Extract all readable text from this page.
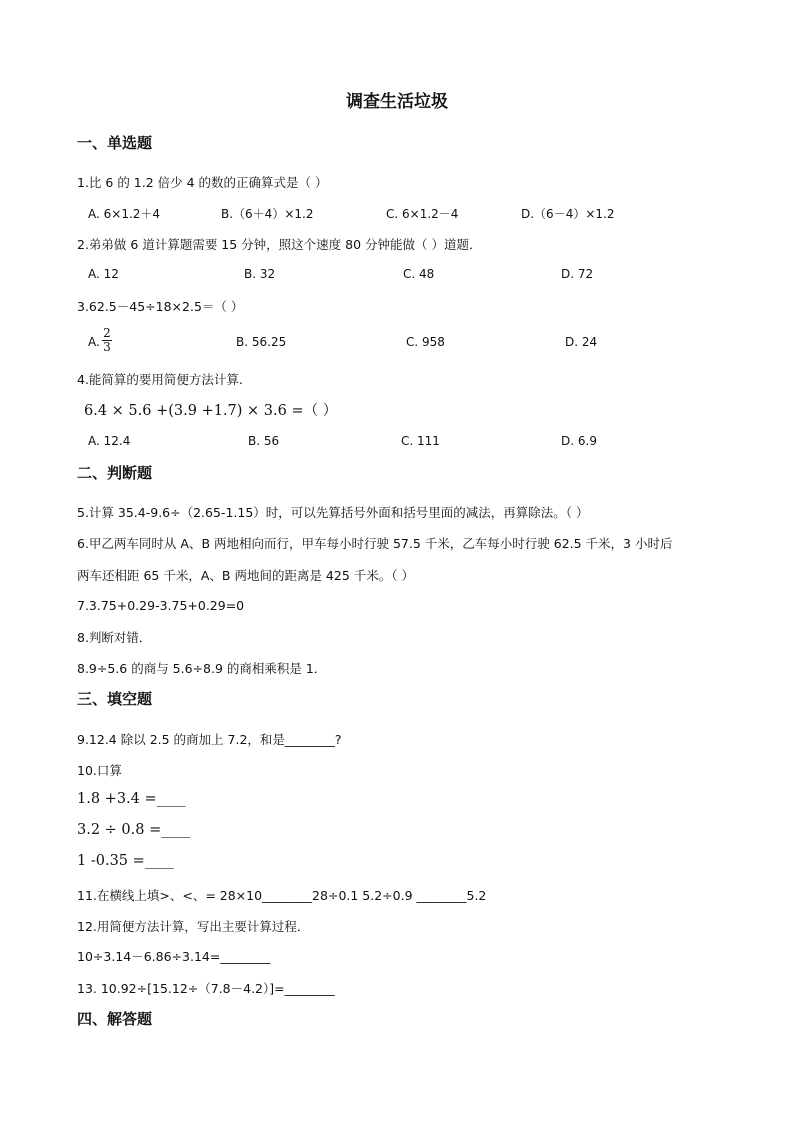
调查生活垃圾
一、单选题
1.比 6 的 1.2 倍少 4 的数的正确算式是（ ）
A. 6×1.2＋4	B.（6＋4）×1.2	C. 6×1.2－4	D.（6－4）×1.2
2.弟弟做 6 道计算题需要 15 分钟，照这个速度 80 分钟能做（ ）道题．
A. 12	B. 32	C. 48	D. 72
3.62.5－45÷18×2.5＝（ ）
A. $\frac{2}{3}$	B. 56.25	C. 958	D. 24
4.能简算的要用简便方法计算.
6.4 × 5.6 +(3.9 +1.7) × 3.6 =（ ）
A. 12.4	B. 56	C. 111	D. 6.9
二、判断题
5.计算 35.4-9.6÷（2.65-1.15）时，可以先算括号外面和括号里面的减法，再算除法。（ ）
6.甲乙两车同时从 A、B 两地相向而行，甲车每小时行驶 57.5 千米，乙车每小时行驶 62.5 千米，3 小时后
两车还相距 65 千米，A、B 两地间的距离是 425 千米。（ ）
7.3.75+0.29-3.75+0.29=0
8.判断对错．
8.9÷5.6 的商与 5.6÷8.9 的商相乘积是 1．
三、填空题
9.12.4 除以 2.5 的商加上 7.2，和是________?
10.口算
1.8 +3.4 =____
3.2 ÷ 0.8 =____
1 -0.35 =____
11.在横线上填>、<、= 28×10________28÷0.1 5.2÷0.9 ________5.2
12.用简便方法计算，写出主要计算过程．
10÷3.14－6.86÷3.14=________
13. 10.92÷[15.12÷（7.8－4.2）]=________
四、解答题
